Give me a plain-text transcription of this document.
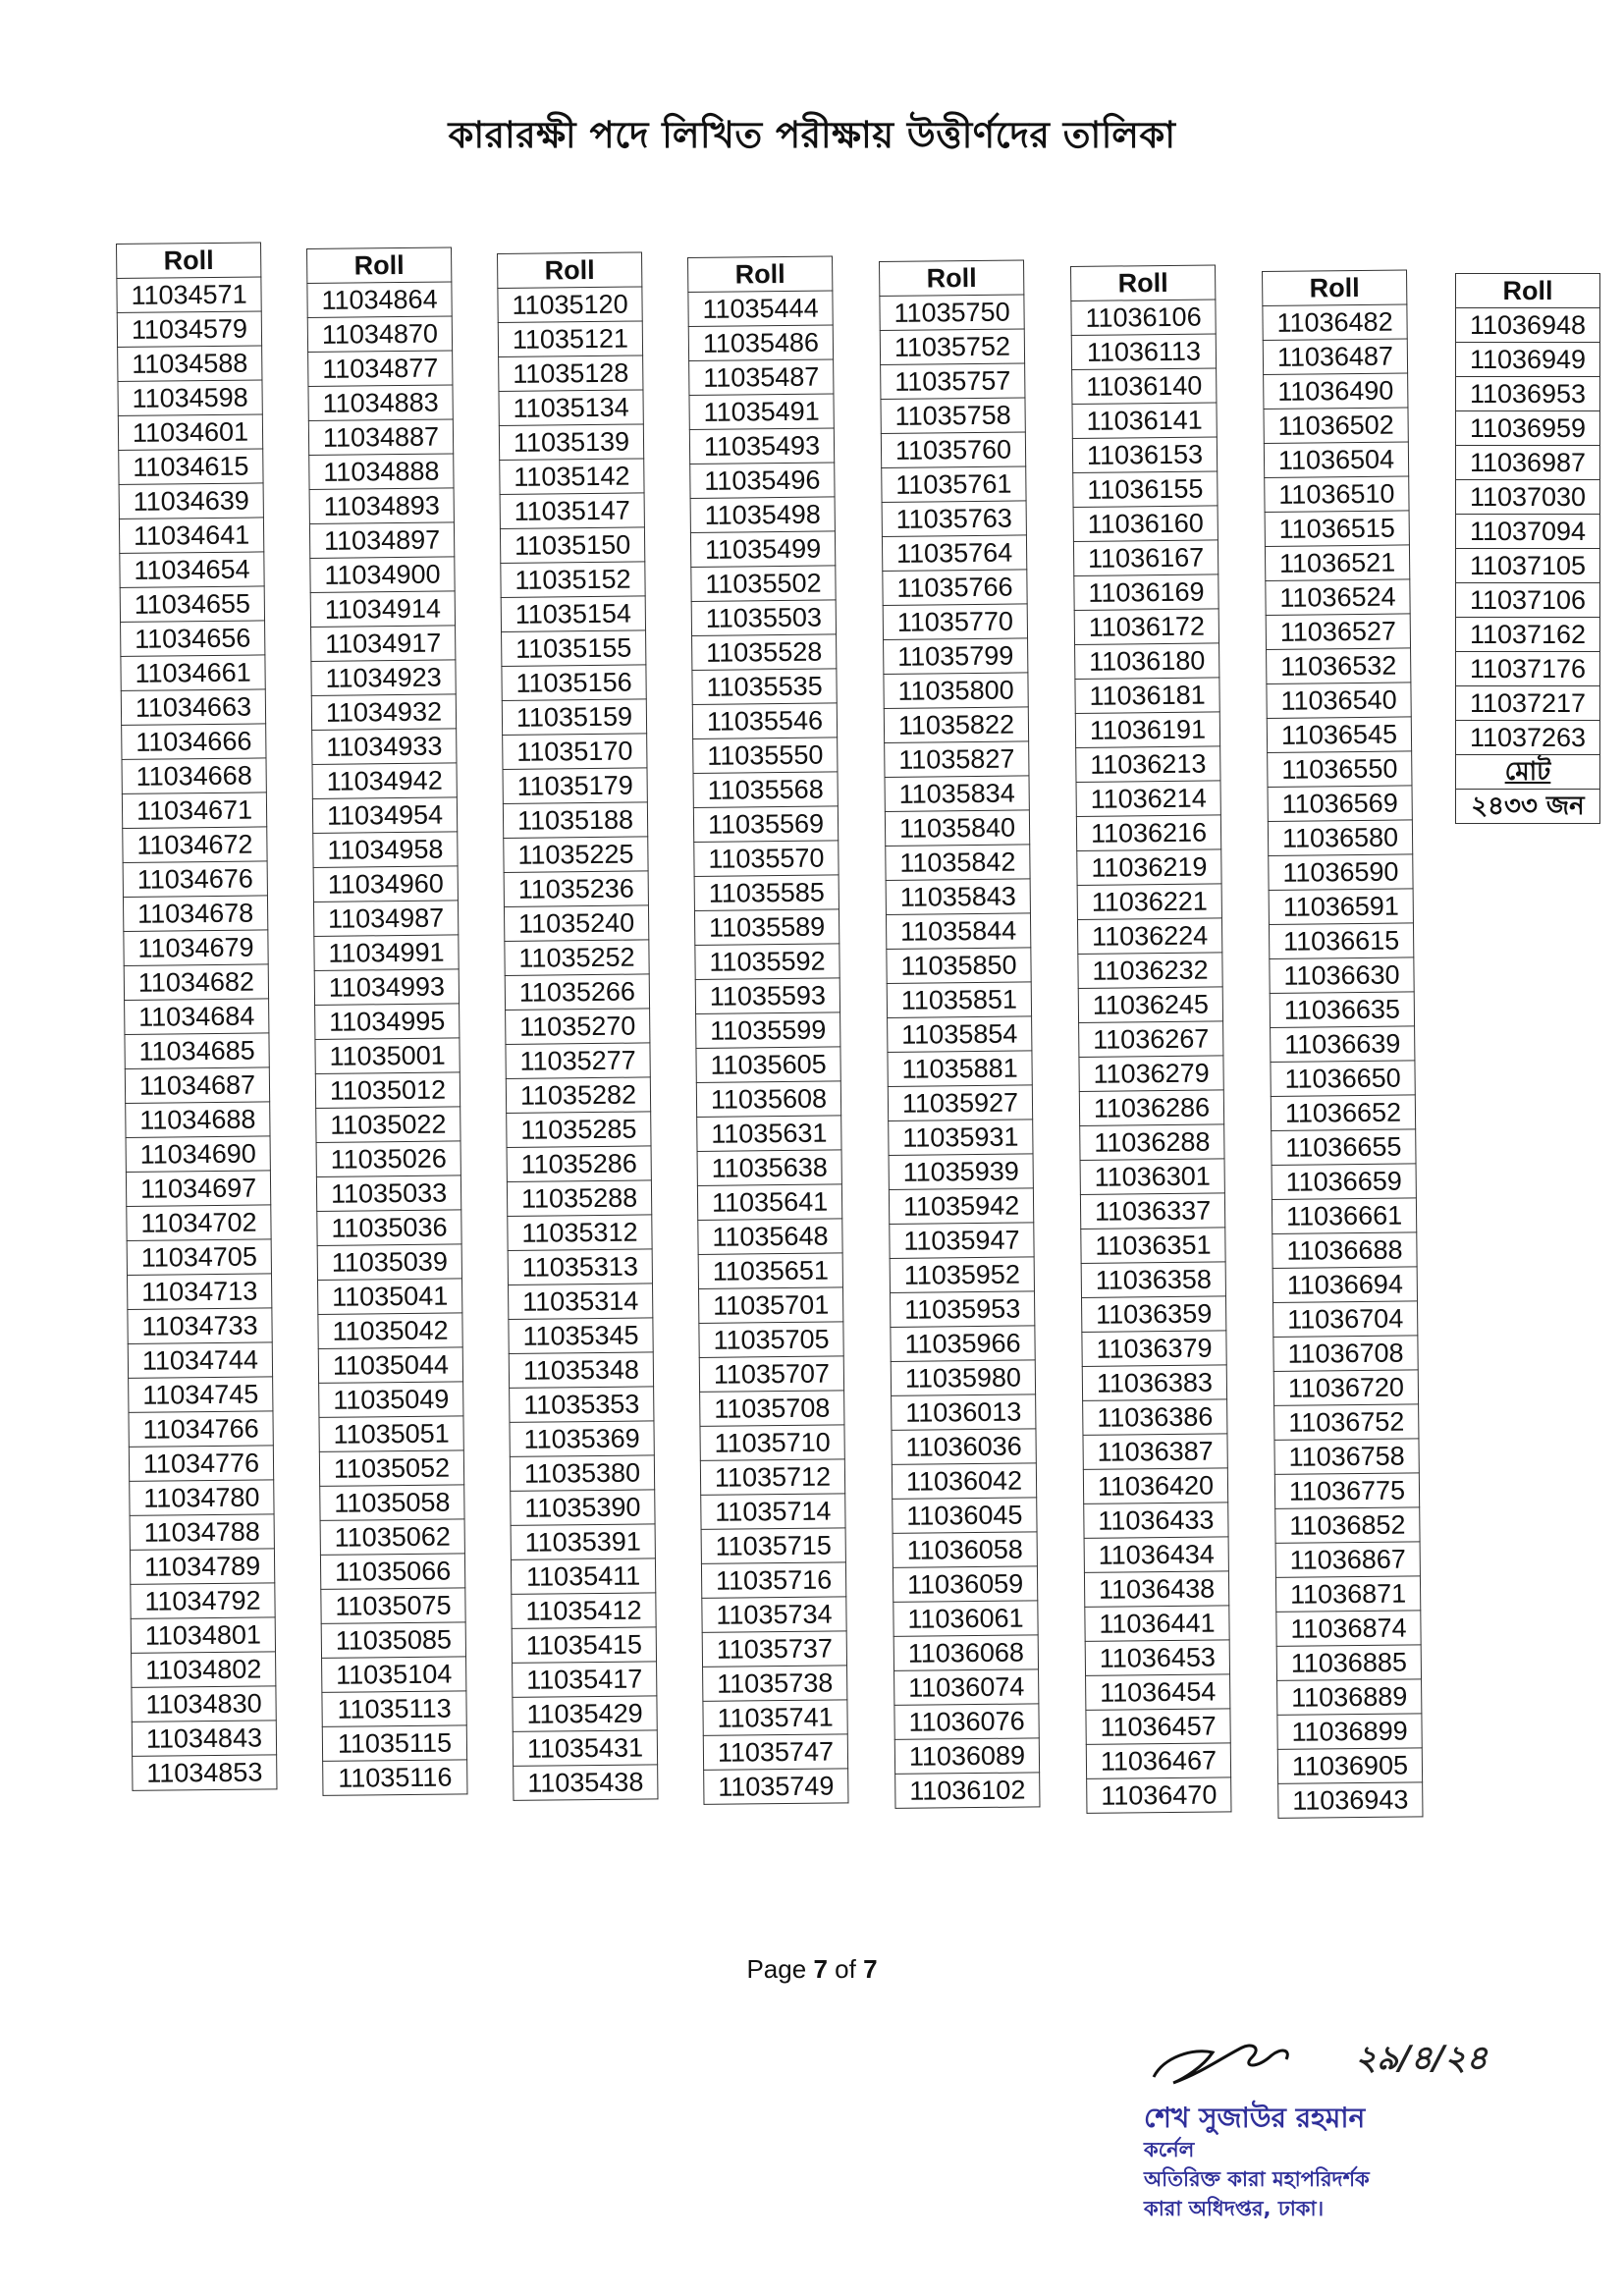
কারারক্ষী পদে লিখিত পরীক্ষায় উত্তীর্ণদের তালিকা
Roll
11034571
11034579
11034588
11034598
11034601
11034615
11034639
11034641
11034654
11034655
11034656
11034661
11034663
11034666
11034668
11034671
11034672
11034676
11034678
11034679
11034682
11034684
11034685
11034687
11034688
11034690
11034697
11034702
11034705
11034713
11034733
11034744
11034745
11034766
11034776
11034780
11034788
11034789
11034792
11034801
11034802
11034830
11034843
11034853
Roll
11034864
11034870
11034877
11034883
11034887
11034888
11034893
11034897
11034900
11034914
11034917
11034923
11034932
11034933
11034942
11034954
11034958
11034960
11034987
11034991
11034993
11034995
11035001
11035012
11035022
11035026
11035033
11035036
11035039
11035041
11035042
11035044
11035049
11035051
11035052
11035058
11035062
11035066
11035075
11035085
11035104
11035113
11035115
11035116
Roll
11035120
11035121
11035128
11035134
11035139
11035142
11035147
11035150
11035152
11035154
11035155
11035156
11035159
11035170
11035179
11035188
11035225
11035236
11035240
11035252
11035266
11035270
11035277
11035282
11035285
11035286
11035288
11035312
11035313
11035314
11035345
11035348
11035353
11035369
11035380
11035390
11035391
11035411
11035412
11035415
11035417
11035429
11035431
11035438
Roll
11035444
11035486
11035487
11035491
11035493
11035496
11035498
11035499
11035502
11035503
11035528
11035535
11035546
11035550
11035568
11035569
11035570
11035585
11035589
11035592
11035593
11035599
11035605
11035608
11035631
11035638
11035641
11035648
11035651
11035701
11035705
11035707
11035708
11035710
11035712
11035714
11035715
11035716
11035734
11035737
11035738
11035741
11035747
11035749
Roll
11035750
11035752
11035757
11035758
11035760
11035761
11035763
11035764
11035766
11035770
11035799
11035800
11035822
11035827
11035834
11035840
11035842
11035843
11035844
11035850
11035851
11035854
11035881
11035927
11035931
11035939
11035942
11035947
11035952
11035953
11035966
11035980
11036013
11036036
11036042
11036045
11036058
11036059
11036061
11036068
11036074
11036076
11036089
11036102
Roll
11036106
11036113
11036140
11036141
11036153
11036155
11036160
11036167
11036169
11036172
11036180
11036181
11036191
11036213
11036214
11036216
11036219
11036221
11036224
11036232
11036245
11036267
11036279
11036286
11036288
11036301
11036337
11036351
11036358
11036359
11036379
11036383
11036386
11036387
11036420
11036433
11036434
11036438
11036441
11036453
11036454
11036457
11036467
11036470
Roll
11036482
11036487
11036490
11036502
11036504
11036510
11036515
11036521
11036524
11036527
11036532
11036540
11036545
11036550
11036569
11036580
11036590
11036591
11036615
11036630
11036635
11036639
11036650
11036652
11036655
11036659
11036661
11036688
11036694
11036704
11036708
11036720
11036752
11036758
11036775
11036852
11036867
11036871
11036874
11036885
11036889
11036899
11036905
11036943
Roll
11036948
11036949
11036953
11036959
11036987
11037030
11037094
11037105
11037106
11037162
11037176
11037217
11037263
মোট
২৪৩৩ জন
Page 7 of 7
২৯/৪/২৪
শেখ সুজাউর রহমান
কর্নেল
অতিরিক্ত কারা মহাপরিদর্শক
কারা অধিদপ্তর, ঢাকা।
